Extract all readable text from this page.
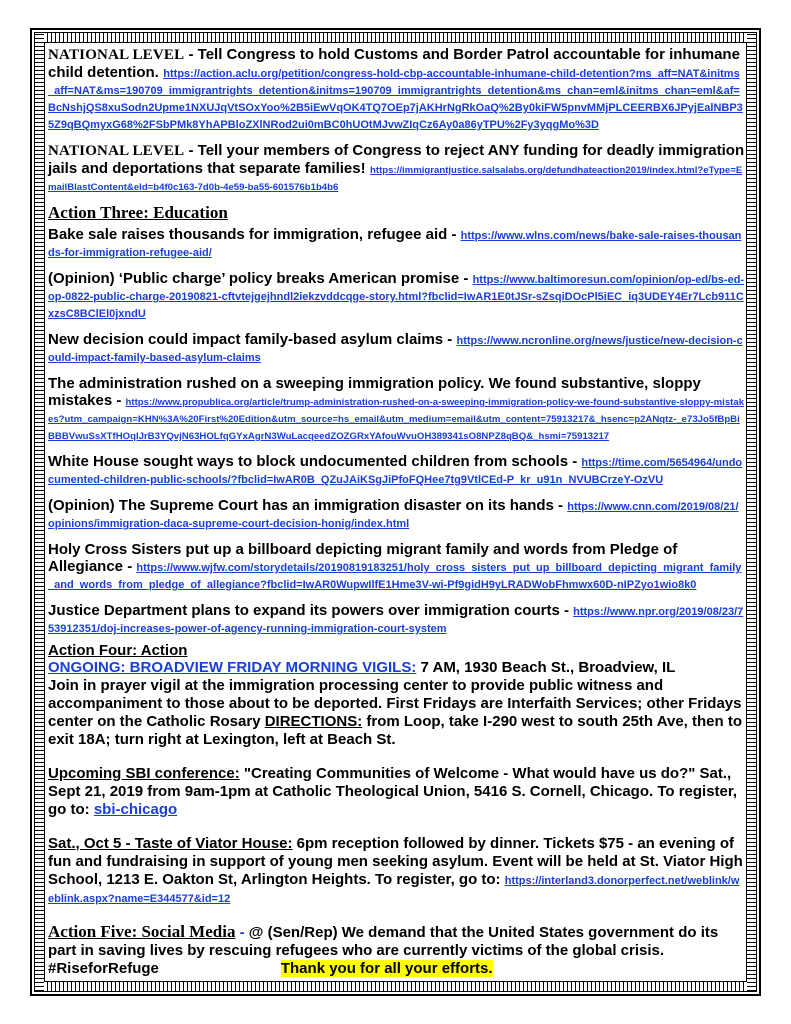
NATIONAL LEVEL - Tell Congress to hold Customs and Border Patrol accountable for inhumane child detention. https://action.aclu.org/petition/congress-hold-cbp-accountable-inhumane-child-detention?ms_aff=NAT&initms_aff=NAT&ms=190709_immigrantrights_detention&initms=190709_immigrantrights_detention&ms_chan=eml&initms_chan=eml&af=BcNshjQS8xuSodn2Upme1NXUJqVtSOxYoo%2B5iEwVqOK4TQ7OEp7jAKHrNgRkOaQ%2By0kiFW5pnvMMjPLCEERBX6JPyjEalNBP35Z9qBQmyxG68%2FSbPMk8YhAPBloZXlNRod2ui0mBC0hUOtMJvwZIqCz6Ay0a86yTPU%2Fy3yqgMo%3D

NATIONAL LEVEL - Tell your members of Congress to reject ANY funding for deadly immigration jails and deportations that separate families! https://immigrantjustice.salsalabs.org/defundhateaction2019/index.html?eType=EmailBlastContent&eId=b4f0c163-7d0b-4e59-ba55-601576b1b4b6

Action Three: Education

Bake sale raises thousands for immigration, refugee aid - https://www.wlns.com/news/bake-sale-raises-thousands-for-immigration-refugee-aid/

(Opinion) ‘Public charge’ policy breaks American promise - https://www.baltimoresun.com/opinion/op-ed/bs-ed-op-0822-public-charge-20190821-cftvtejgejhndl2iekzvddcqge-story.html?fbclid=IwAR1E0tJSr-sZsqiDOcPl5iEC_iq3UDEY4Er7Lcb911CxzsC8BClEl0jxndU

New decision could impact family-based asylum claims - https://www.ncronline.org/news/justice/new-decision-could-impact-family-based-asylum-claims

The administration rushed on a sweeping immigration policy. We found substantive, sloppy mistakes - https://www.propublica.org/article/trump-administration-rushed-on-a-sweeping-immigration-policy-we-found-substantive-sloppy-mistakes?utm_campaign=KHN%3A%20First%20Edition&utm_source=hs_email&utm_medium=email&utm_content=75913217&_hsenc=p2ANqtz-_e73Jo5fBpBiBBBVwuSsXTfHOqlJrB3YQvjN63HOLfqGYxAgrN3WuLacqeedZOZGRxYAfouWvuOH389341sO8NPZ8qBQ&_hsmi=75913217

White House sought ways to block undocumented children from schools - https://time.com/5654964/undocumented-children-public-schools/?fbclid=IwAR0B_QZuJAiKSgJiPfoFQHee7tg9VtlCEd-P_kr_u91n_NVUBCrzeY-OzVU

(Opinion) The Supreme Court has an immigration disaster on its hands - https://www.cnn.com/2019/08/21/opinions/immigration-daca-supreme-court-decision-honig/index.html

Holy Cross Sisters put up a billboard depicting migrant family and words from Pledge of Allegiance - https://www.wjfw.com/storydetails/20190819183251/holy_cross_sisters_put_up_billboard_depicting_migrant_family_and_words_from_pledge_of_allegiance?fbclid=IwAR0WupwIlfE1Hme3V-wi-Pf9gidH9yLRADWobFhmwx60D-nIPZyo1wio8k0

Justice Department plans to expand its powers over immigration courts - https://www.npr.org/2019/08/23/753912351/doj-increases-power-of-agency-running-immigration-court-system

Action Four: Action

ONGOING: BROADVIEW FRIDAY MORNING VIGILS: 7 AM, 1930 Beach St., Broadview, IL
Join in prayer vigil at the immigration processing center to provide public witness and accompaniment to those about to be deported. First Fridays are Interfaith Services; other Fridays center on the Catholic Rosary DIRECTIONS: from Loop, take I-290 west to south 25th Ave, then to exit 18A; turn right at Lexington, left at Beach St.

Upcoming SBI conference: "Creating Communities of Welcome - What would have us do?" Sat., Sept 21, 2019 from 9am-1pm at Catholic Theological Union, 5416 S. Cornell, Chicago. To register, go to: sbi-chicago

Sat., Oct 5 - Taste of Viator House: 6pm reception followed by dinner. Tickets $75 - an evening of fun and fundraising in support of young men seeking asylum. Event will be held at St. Viator High School, 1213 E. Oakton St, Arlington Heights. To register, go to: https://interland3.donorperfect.net/weblink/weblink.aspx?name=E344577&id=12

Action Five: Social Media - @ (Sen/Rep) We demand that the United States government do its part in saving lives by rescuing refugees who are currently victims of the global crisis.
#RiseforRefuge	Thank you for all your efforts.
